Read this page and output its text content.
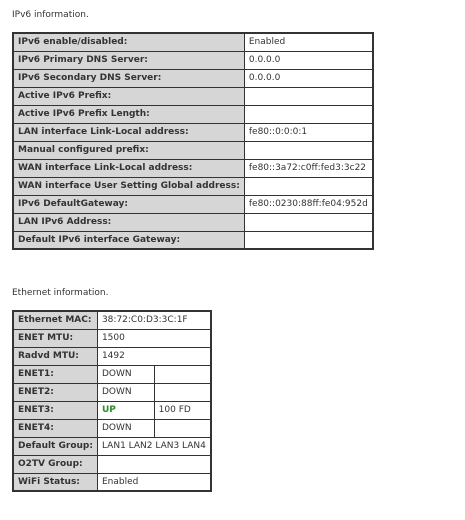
IPv6 information.
IPv6 enable/disabled:	Enabled
IPv6 Primary DNS Server:	0.0.0.0
IPv6 Secondary DNS Server:	0.0.0.0
Active IPv6 Prefix:	
Active IPv6 Prefix Length:	
LAN interface Link-Local address:	fe80::0:0:0:1
Manual configured prefix:	
WAN interface Link-Local address:	fe80::3a72:c0ff:fed3:3c22
WAN interface User Setting Global address:	
IPv6 DefaultGateway:	fe80::0230:88ff:fe04:952d
LAN IPv6 Address:	
Default IPv6 interface Gateway:	
Ethernet information.
Ethernet MAC:	38:72:C0:D3:3C:1F	
ENET MTU:	1500	
Radvd MTU:	1492	
ENET1:	DOWN	
ENET2:	DOWN	
ENET3:	UP	100 FD
ENET4:	DOWN	
Default Group:	LAN1 LAN2 LAN3 LAN4	
O2TV Group:		
WiFi Status:	Enabled	
